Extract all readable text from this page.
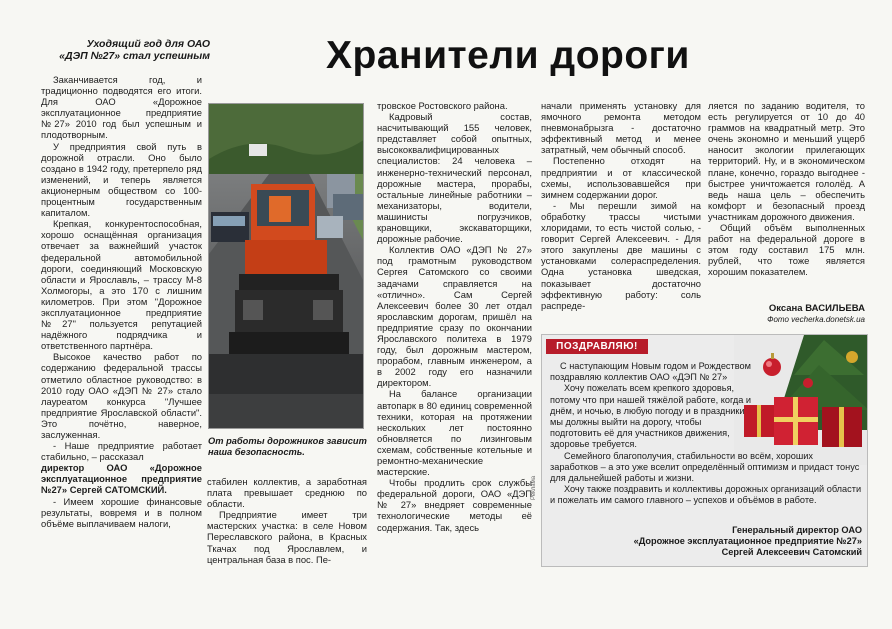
Уходящий год для ОАО
«ДЭП №27» стал успешным	Хранители дороги

Заканчивается год, и традиционно подводятся его итоги. Для ОАО «Дорожное эксплуатационное предприятие №27» 2010 год был успешным и плодотворным.

У предприятия свой путь в дорожной отрасли. Оно было создано в 1942 году, претерпело ряд изменений, и теперь является акционерным обществом со 100-процентным государственным капиталом.

Крепкая, конкурентоспособная, хорошо оснащённая организация отвечает за важнейший участок федеральной автомобильной дороги, соединяющий Московскую области и Ярославль, – трассу М-8 Холмогоры, а это 170 с лишним километров. При этом "Дорожное эксплуатационное предприятие №27" пользуется репутацией надёжного подрядчика и ответственного партнёра.

Высокое качество работ по содержанию федеральной трассы отметило областное руководство: в 2010 году ОАО «ДЭП № 27» стало лауреатом конкурса "Лучшее предприятие Ярославской области". Это почётно, наверное, заслуженная.

- Наше предприятие работает стабильно, – рассказал

директор ОАО «Дорожное эксплуатационное предприятие №27» Сергей САТОМСКИЙ.

- Имеем хорошие финансовые результаты, вовремя и в полном объёме выплачиваем налоги,

От работы дорожников зависит наша безопасность.

стабилен коллектив, а заработная плата превышает среднюю по области.

Предприятие имеет три мастерских участка: в селе Новом Переславского района, в Красных Ткачах под Ярославлем, и центральная база в пос. Пе-

тровское Ростовского района.

Кадровый состав, насчитывающий 155 человек, представляет собой опытных, высококвалифицированных специалистов: 24 человека – инженерно-технический персонал, дорожные мастера, прорабы, остальные линейные работники – механизаторы, водители, машинисты погрузчиков, крановщики, экскаваторщики, дорожные рабочие.

Коллектив ОАО «ДЭП № 27» под грамотным руководством Сергея Сатомского со своими задачами справляется на «отлично». Сам Сергей Алексеевич более 30 лет отдал ярославским дорогам, пришёл на предприятие сразу по окончании Ярославского политеха в 1979 году, был дорожным мастером, прорабом, главным инженером, а в 2002 году его назначили директором.

На балансе организации автопарк в 80 единиц современной техники, которая на протяжении нескольких лет постоянно обновляется по лизинговым схемам, собственные котельные и ремонтно-механические мастерские.

Чтобы продлить срок службы федеральной дороги, ОАО «ДЭП № 27» внедряет современные технологические методы её содержания. Так, здесь

начали применять установку для ямочного ремонта методом пневмонабрызга - достаточно эффективный метод и менее затратный, чем обычный способ.

Постепенно отходят на предприятии и от классической схемы, использовавшейся при зимнем содержании дорог.

- Мы перешли зимой на обработку трассы чистыми хлоридами, то есть чистой солью, - говорит Сергей Алексеевич. - Для этого закуплены две машины с установками солераспределения. Одна установка шведская, показывает достаточно эффективную работу: соль распреде-

ляется по заданию водителя, то есть регулируется от 10 до 40 граммов на квадратный метр. Это очень экономно и меньший ущерб наносит экологии прилегающих территорий. Ну, и в экономическом плане, конечно, гораздо выгоднее - быстрее уничтожается гололёд. А ведь наша цель – обеспечить комфорт и безопасный проезд участникам дорожного движения.

Общий объём выполненных работ на федеральной дороге в этом году составил 175 млн. рублей, что тоже является хорошим показателем.

Оксана ВАСИЛЬЕВА
Фото vecherka.donetsk.ua
Реклама
ПОЗДРАВЛЯЮ!

С наступающим Новым годом и Рождеством поздравляю коллектив ОАО «ДЭП № 27»

Хочу пожелать всем крепкого здоровья, потому что при нашей тяжёлой работе, когда и днём, и ночью, в любую погоду и в праздники мы должны выйти на дорогу, чтобы подготовить её для участников движения, здоровье требуется.

Семейного благополучия, стабильности во всём, хороших заработков – а это уже вселит определённый оптимизм и придаст тонус для дальнейшей работы и жизни.

Хочу также поздравить и коллективы дорожных организаций области и пожелать им самого главного – успехов и объёмов в работе.

Генеральный директор ОАО
«Дорожное эксплуатационное предприятие №27»
Сергей Алексеевич Сатомский
